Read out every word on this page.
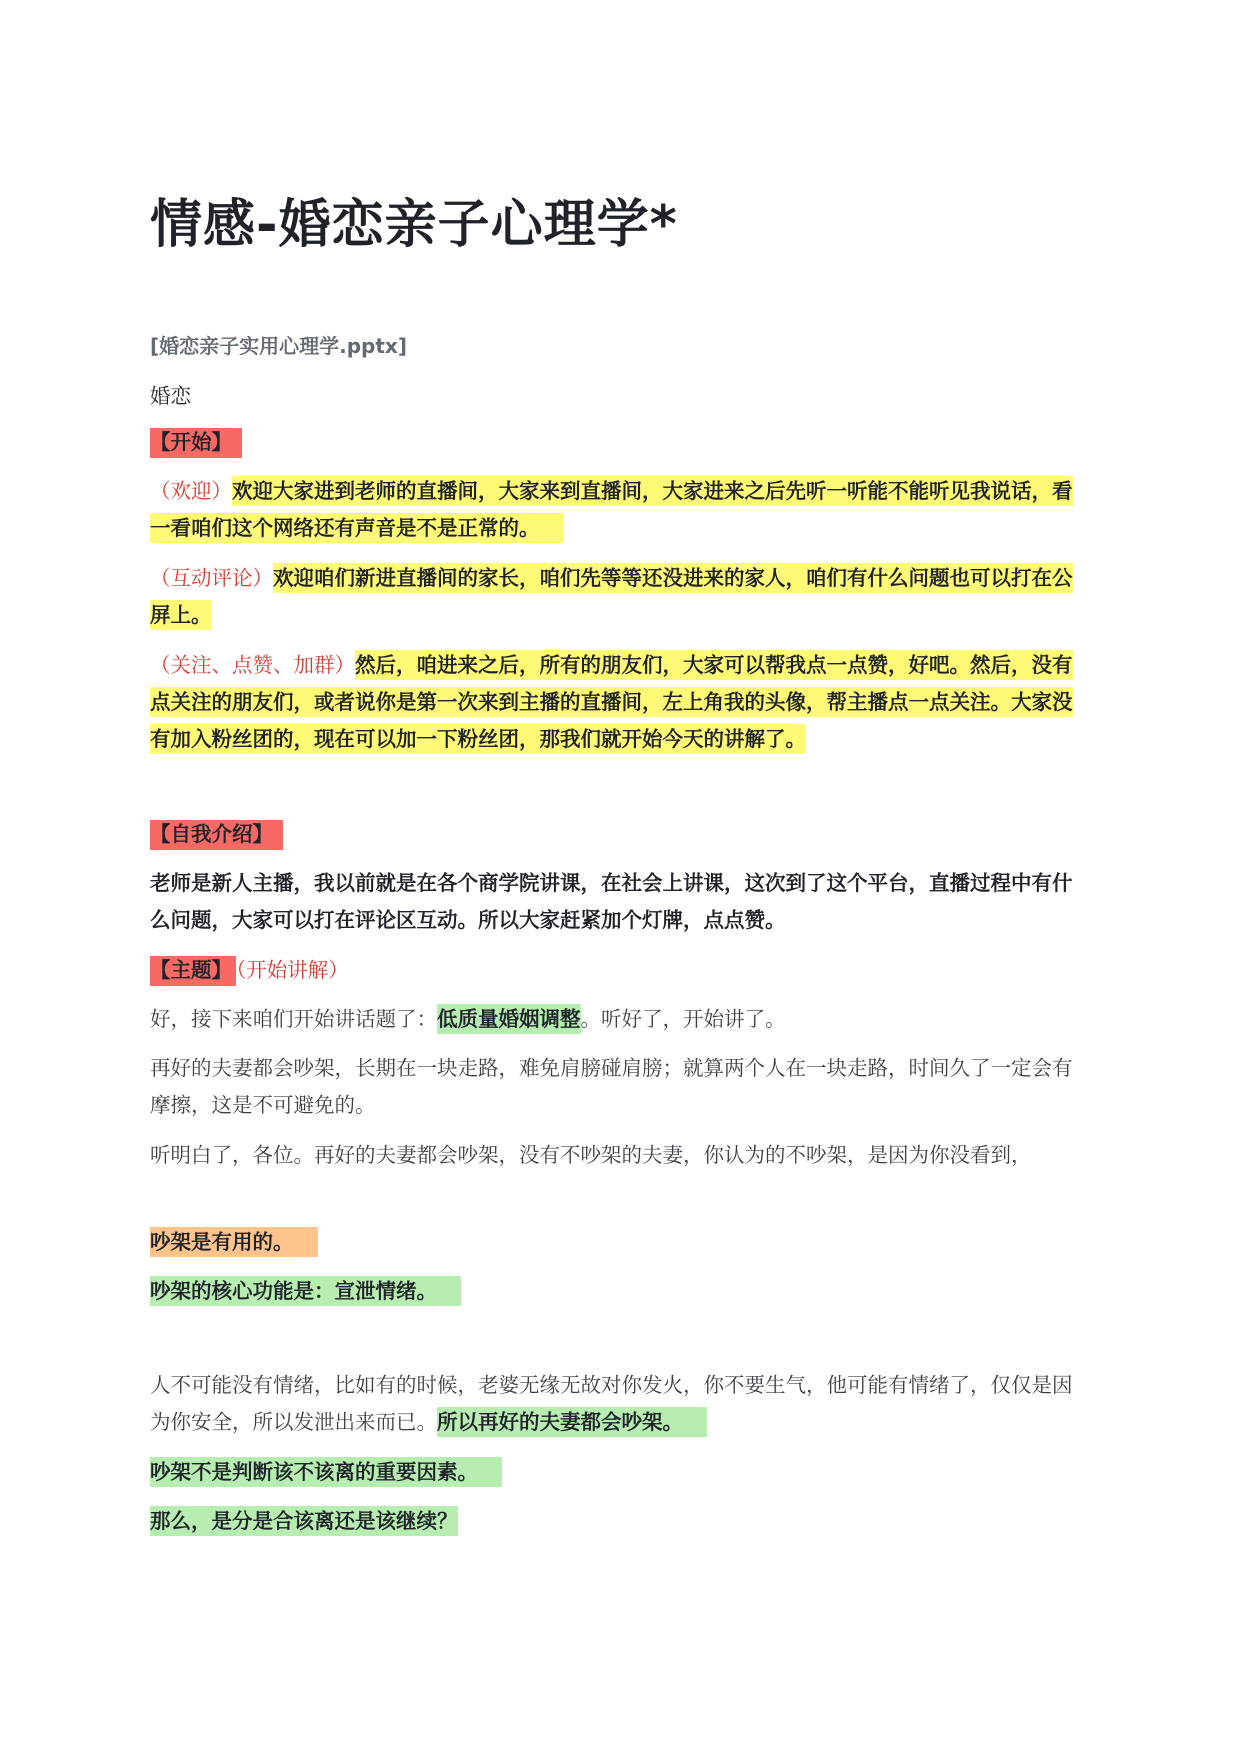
情感-婚恋亲子心理学*

[婚恋亲子实用心理学.pptx]

婚恋

【开始】

（欢迎）欢迎大家进到老师的直播间，大家来到直播间，大家进来之后先听一听能不能听见我说话，看一看咱们这个网络还有声音是不是正常的。

（互动评论）欢迎咱们新进直播间的家长，咱们先等等还没进来的家人，咱们有什么问题也可以打在公屏上。

（关注、点赞、加群）然后，咱进来之后，所有的朋友们，大家可以帮我点一点赞，好吧。然后，没有点关注的朋友们，或者说你是第一次来到主播的直播间，左上角我的头像，帮主播点一点关注。大家没有加入粉丝团的，现在可以加一下粉丝团，那我们就开始今天的讲解了。

【自我介绍】

老师是新人主播，我以前就是在各个商学院讲课，在社会上讲课，这次到了这个平台，直播过程中有什么问题，大家可以打在评论区互动。所以大家赶紧加个灯牌，点点赞。

【主题】 （开始讲解）

好，接下来咱们开始讲话题了：低质量婚姻调整。听好了，开始讲了。

再好的夫妻都会吵架，长期在一块走路，难免肩膀碰肩膀；就算两个人在一块走路，时间久了一定会有摩擦，这是不可避免的。

听明白了，各位。再好的夫妻都会吵架，没有不吵架的夫妻，你认为的不吵架，是因为你没看到，

吵架是有用的。

吵架的核心功能是：宣泄情绪。

人不可能没有情绪，比如有的时候，老婆无缘无故对你发火，你不要生气，他可能有情绪了，仅仅是因为你安全，所以发泄出来而已。所以再好的夫妻都会吵架。

吵架不是判断该不该离的重要因素。

那么，是分是合该离还是该继续？
